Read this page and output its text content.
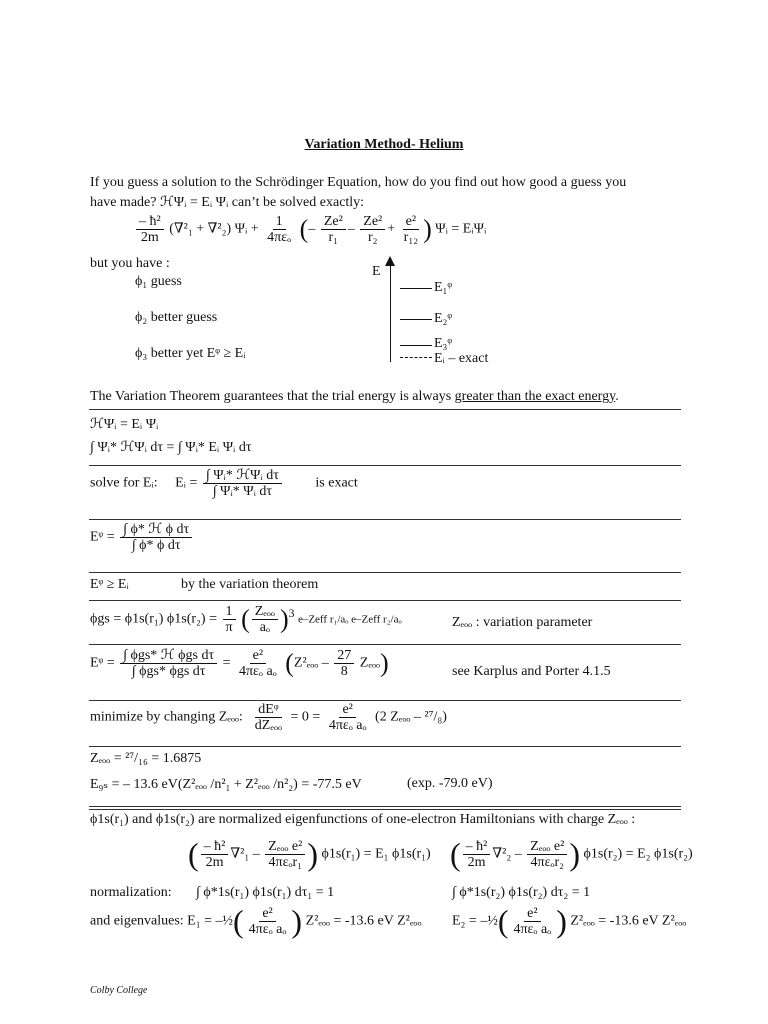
Variation Method- Helium
If you guess a solution to the Schrödinger Equation, how do you find out how good a guess you
have made? ℋΨᵢ = Eᵢ Ψᵢ can’t be solved exactly:
$\frac{\text{– ħ²}}{2m} (\nabla^2_1 + \nabla^2_2)$ Ψᵢ + $\frac{1}{\text{4πεₒ}}$ (– $\frac{\text{Ze²}}{\text{r₁}} - \frac{\text{Ze²}}{\text{r₂}} + \frac{\text{e²}}{\text{r₁₂}}$ ) Ψᵢ = EᵢΨᵢ
but you have :
ϕ₁ guess
ϕ₂ better guess
ϕ₃ better yet Eᵠ ≥ Eᵢ
E
E₁ᵠ
E₂ᵠ
E₃ᵠ
Eᵢ – exact
The Variation Theorem guarantees that the trial energy is always greater than the exact energy.
ℋΨᵢ = Eᵢ Ψᵢ
∫ Ψᵢ* ℋΨᵢ dτ = ∫ Ψᵢ* Eᵢ Ψᵢ dτ
solve for Eᵢ: Eᵢ = $\frac{\text{∫ Ψᵢ* ℋΨᵢ dτ}}{\text{∫ Ψᵢ* Ψᵢ dτ}}$ is exact
Eᵠ = $\frac{\text{∫ ϕ* ℋ ϕ dτ}}{\text{∫ ϕ* ϕ dτ}}$
Eᵠ ≥ Eᵢ	by the variation theorem
ϕgs = ϕ1s(r₁) $\phi 1s(r_2) = \frac{1}{\pi}$ ( $\frac{\text{Zₑₒₒ}}{\text{aₒ}} )^3$ e–Zeff r₁/aₒ e–Zeff r₂/aₒ	Zₑₒₒ : variation parameter
Eᵠ = $\frac{\text{∫ ϕgs* ℋ ϕgs dτ}}{\text{∫ ϕgs* ϕgs dτ}} = \frac{\text{e²}}{\text{4πεₒ aₒ}} (Z^2_{eoo} - \frac{27}{8} Z_{eoo})$	see Karplus and Porter 4.1.5
minimize by changing Zₑₒₒ: $\frac{\text{dEᵠ}}{\text{dZₑₒₒ}} = 0 = \frac{\text{e²}}{\text{4πεₒ aₒ}} (2$ Zₑₒₒ – ²⁷/₈)
Zₑₒₒ = ²⁷/₁₆ = 1.6875
E₉ₛ = – 13.6 eV(Z²ₑₒₒ /n²₁ + Z²ₑₒₒ /n²₂) = -77.5 eV	(exp. -79.0 eV)
ϕ1s(r₁) and ϕ1s(r₂) are normalized eigenfunctions of one-electron Hamiltonians with charge Zₑₒₒ :
( $\frac{\text{– ħ²}}{2m} \nabla^2_1 - \frac{\text{Zₑₒₒ e²}}{\text{4πεₒr₁}}$ ) ϕ1s(r₁) = E₁ ϕ1s(r₁) ( $\frac{\text{– ħ²}}{2m} \nabla^2_2 - \frac{\text{Zₑₒₒ e²}}{\text{4πεₒr₂}}$ ) ϕ1s(r₂) = E₂ ϕ1s(r₂)
normalization: ∫ ϕ*1s(r₁) ϕ1s(r₁) dτ₁ = 1	∫ ϕ*1s(r₂) ϕ1s(r₂) dτ₂ = 1
and eigenvalues: E₁ = –½( $\frac{\text{e²}}{\text{4πεₒ aₒ}}$ ) Z²ₑₒₒ = -13.6 eV Z²ₑₒₒ E₂ = –½( $\frac{\text{e²}}{\text{4πεₒ aₒ}}$ ) Z²ₑₒₒ = -13.6 eV Z²ₑₒₒ
Colby College
